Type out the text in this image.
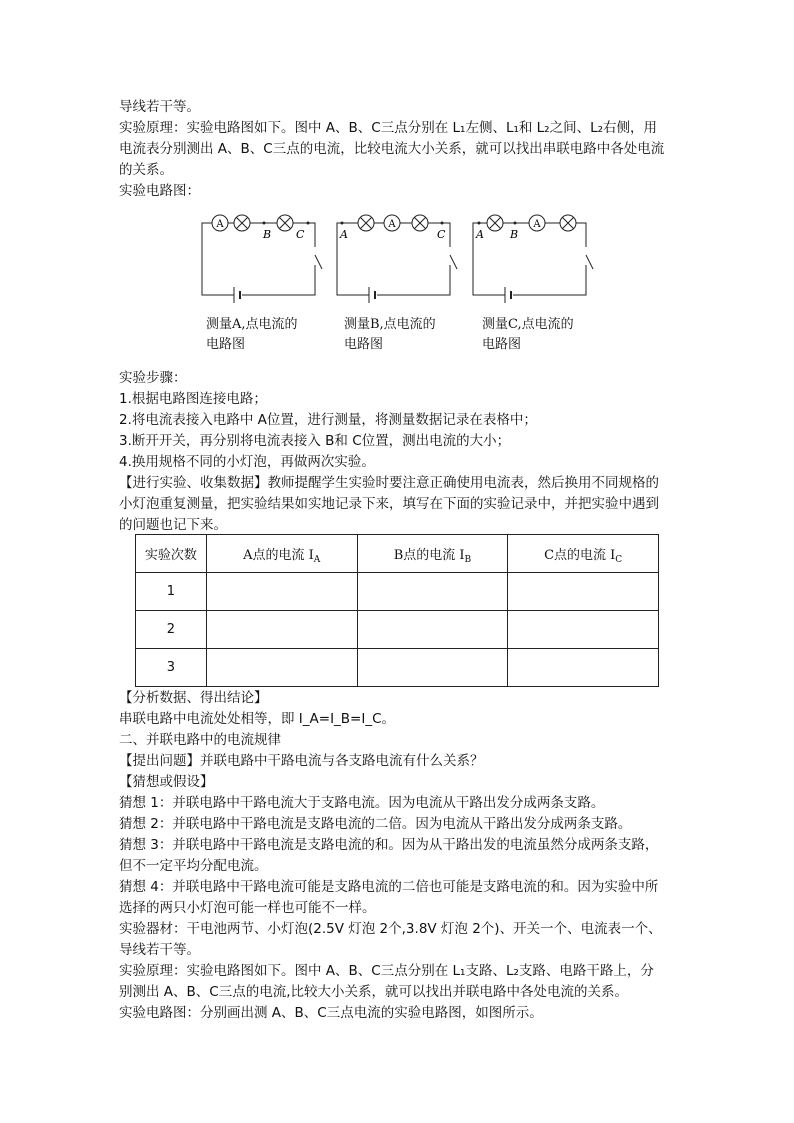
导线若干等。

实验原理：实验电路图如下。图中 A、B、C三点分别在 L₁左侧、L₁和 L₂之间、L₂右侧，用

电流表分别测出 A、B、C三点的电流，比较电流大小关系，就可以找出串联电路中各处电流

的关系。

实验电路图：

A
B C	A	C	A B
测量A,点电流的
电路图
测量B,点电流的
电路图
测量C,点电流的
电路图

实验步骤：

1.根据电路图连接电路；

2.将电流表接入电路中 A位置，进行测量，将测量数据记录在表格中；

3.断开开关，再分别将电流表接入 B和 C位置，测出电流的大小；

4.换用规格不同的小灯泡，再做两次实验。

【进行实验、收集数据】教师提醒学生实验时要注意正确使用电流表，然后换用不同规格的

小灯泡重复测量，把实验结果如实地记录下来，填写在下面的实验记录中，并把实验中遇到

的问题也记下来。

实验次数	A点的电流 $I_A$	B点的电流 $I_B$	C点的电流 $I_C$
1			
2			
3			

【分析数据、得出结论】

串联电路中电流处处相等，即 I_A=I_B=I_C。

二、并联电路中的电流规律

【提出问题】并联电路中干路电流与各支路电流有什么关系？

【猜想或假设】

猜想 1：并联电路中干路电流大于支路电流。因为电流从干路出发分成两条支路。

猜想 2：并联电路中干路电流是支路电流的二倍。因为电流从干路出发分成两条支路。

猜想 3：并联电路中干路电流是支路电流的和。因为从干路出发的电流虽然分成两条支路，

但不一定平均分配电流。

猜想 4：并联电路中干路电流可能是支路电流的二倍也可能是支路电流的和。因为实验中所

选择的两只小灯泡可能一样也可能不一样。

实验器材：干电池两节、小灯泡(2.5V 灯泡 2个,3.8V 灯泡 2个)、开关一个、电流表一个、

导线若干等。

实验原理：实验电路图如下。图中 A、B、C三点分别在 L₁支路、L₂支路、电路干路上，分

别测出 A、B、C三点的电流,比较大小关系，就可以找出并联电路中各处电流的关系。

实验电路图：分别画出测 A、B、C三点电流的实验电路图，如图所示。
